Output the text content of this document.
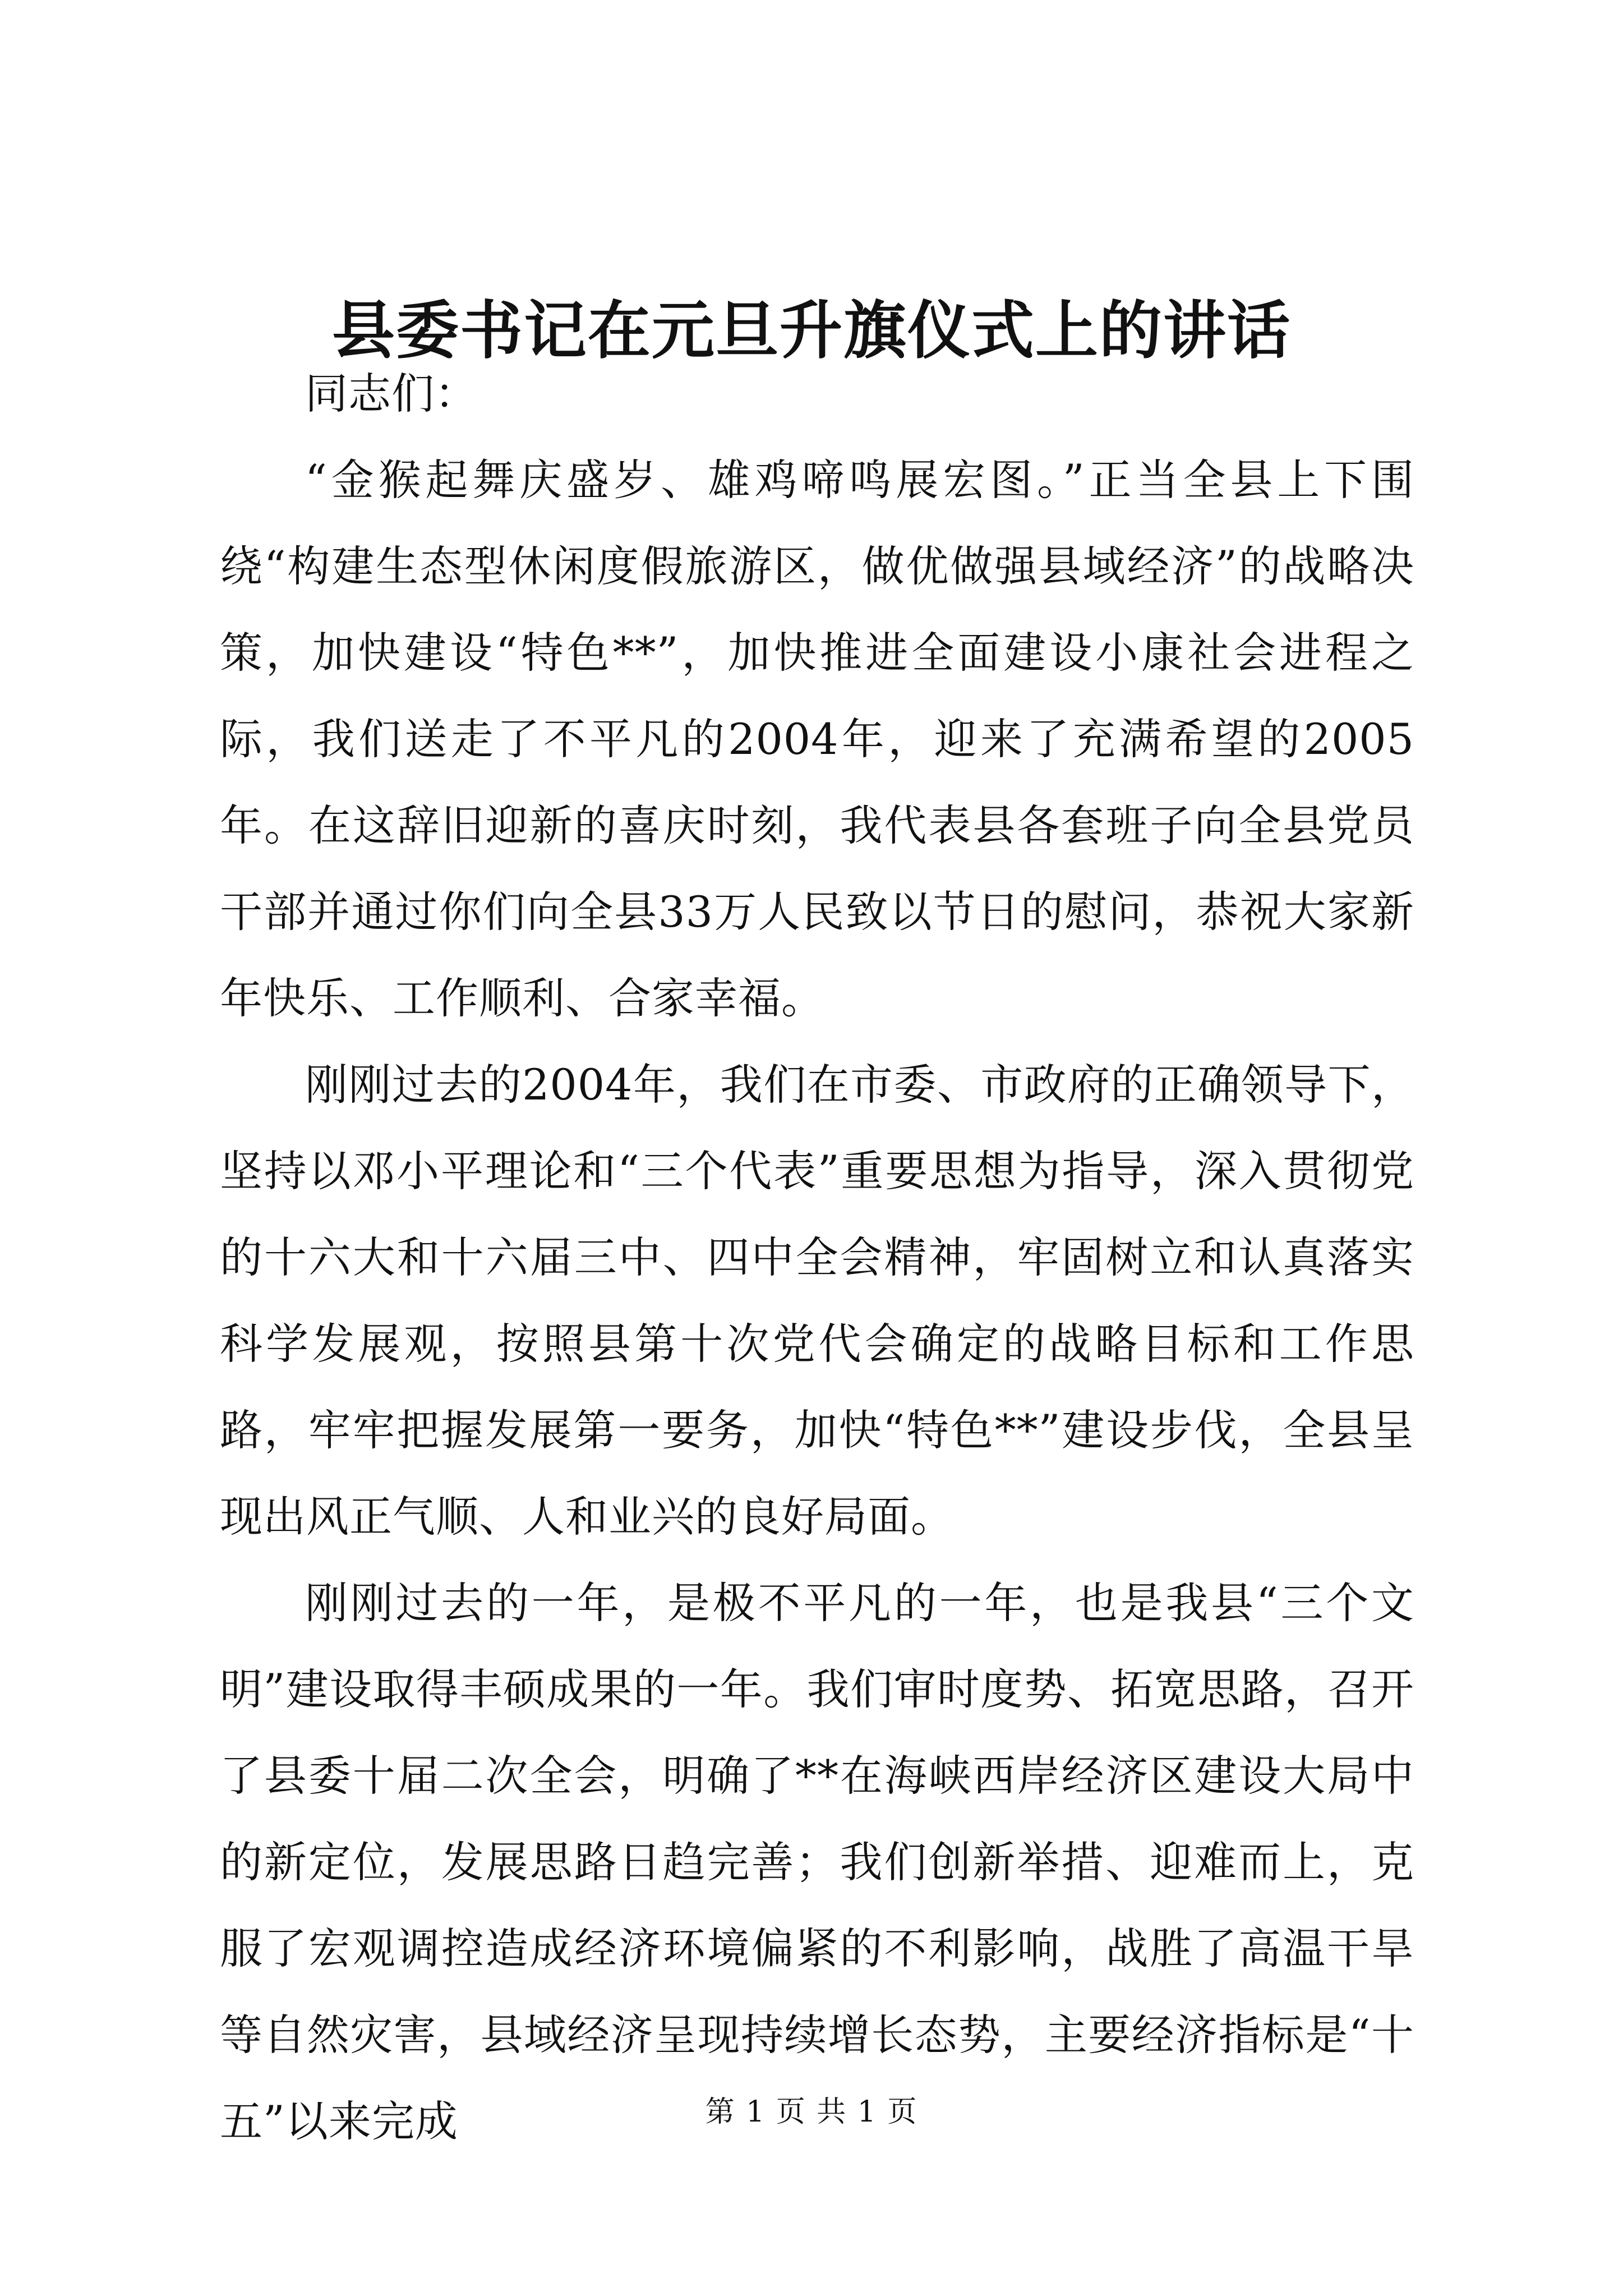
县委书记在元旦升旗仪式上的讲话

同志们：

“金猴起舞庆盛岁、雄鸡啼鸣展宏图。”正当全县上下围绕“构建生态型休闲度假旅游区，做优做强县域经济”的战略决策，加快建设“特色**”，加快推进全面建设小康社会进程之际，我们送走了不平凡的2004年，迎来了充满希望的2005年。在这辞旧迎新的喜庆时刻，我代表县各套班子向全县党员干部并通过你们向全县33万人民致以节日的慰问，恭祝大家新年快乐、工作顺利、合家幸福。

刚刚过去的2004年，我们在市委、市政府的正确领导下，坚持以邓小平理论和“三个代表”重要思想为指导，深入贯彻党的十六大和十六届三中、四中全会精神，牢固树立和认真落实科学发展观，按照县第十次党代会确定的战略目标和工作思路，牢牢把握发展第一要务，加快“特色**”建设步伐，全县呈现出风正气顺、人和业兴的良好局面。

刚刚过去的一年，是极不平凡的一年，也是我县“三个文明”建设取得丰硕成果的一年。我们审时度势、拓宽思路，召开了县委十届二次全会，明确了**在海峡西岸经济区建设大局中的新定位，发展思路日趋完善；我们创新举措、迎难而上，克服了宏观调控造成经济环境偏紧的不利影响，战胜了高温干旱等自然灾害，县域经济呈现持续增长态势，主要经济指标是“十五”以来完成	第 1 页 共 1 页
